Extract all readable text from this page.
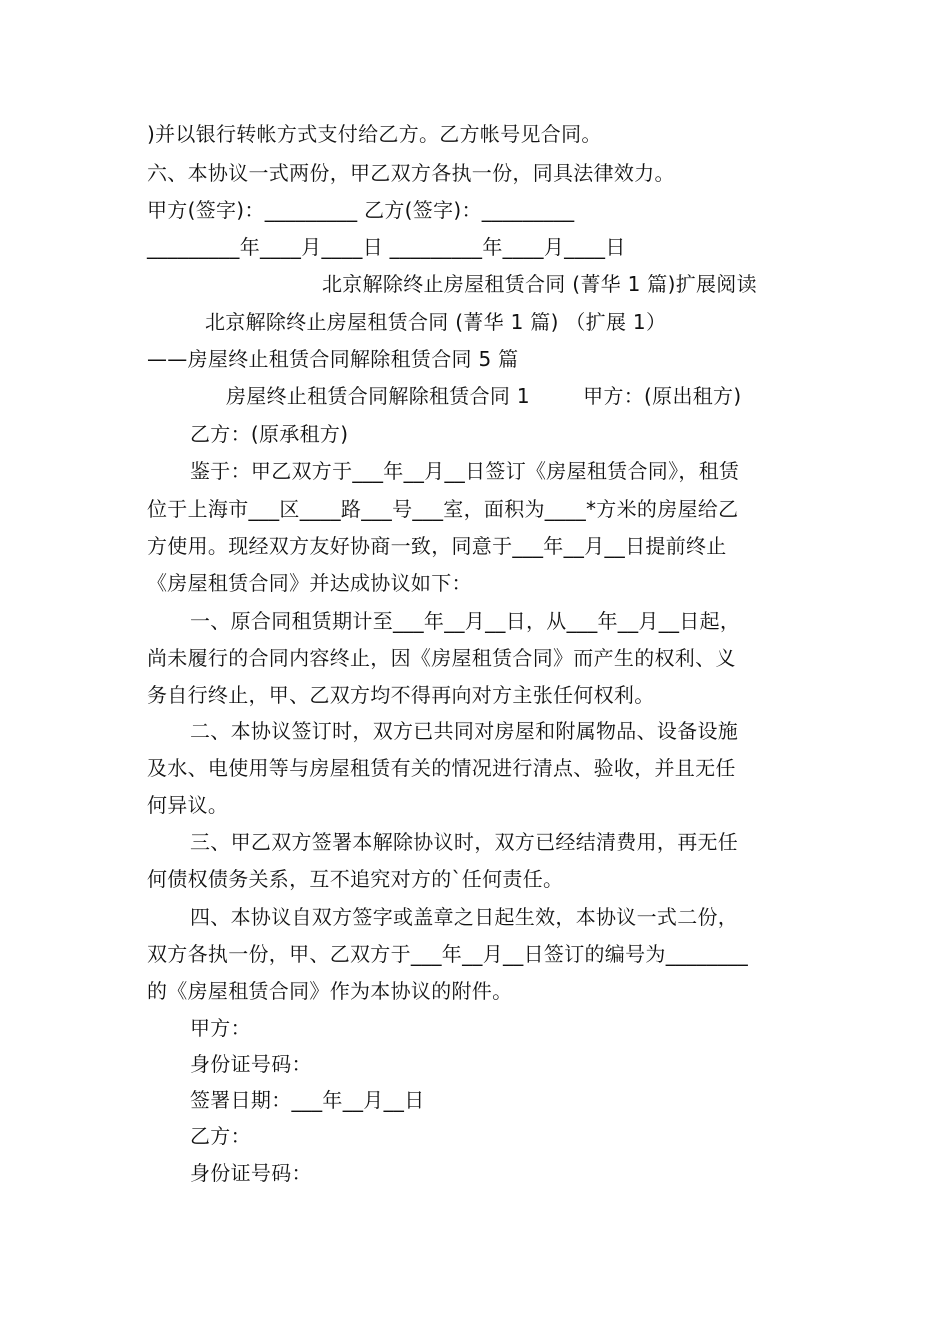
)并以银行转帐方式支付给乙方。乙方帐号见合同。
六、本协议一式两份，甲乙双方各执一份，同具法律效力。
甲方(签字)：_________ 乙方(签字)：_________
_________年____月____日 _________年____月____日
北京解除终止房屋租赁合同 (菁华 1 篇)扩展阅读
北京解除终止房屋租赁合同 (菁华 1 篇) （扩展 1）
——房屋终止租赁合同解除租赁合同 5 篇
房屋终止租赁合同解除租赁合同 1        甲方：(原出租方)
乙方：(原承租方)
鉴于：甲乙双方于___年__月__日签订《房屋租赁合同》，租赁
位于上海市___区____路___号___室，面积为____*方米的房屋给乙
方使用。现经双方友好协商一致，同意于___年__月__日提前终止
《房屋租赁合同》并达成协议如下：
一、原合同租赁期计至___年__月__日，从___年__月__日起，
尚未履行的合同内容终止，因《房屋租赁合同》而产生的权利、义
务自行终止，甲、乙双方均不得再向对方主张任何权利。
二、本协议签订时，双方已共同对房屋和附属物品、设备设施
及水、电使用等与房屋租赁有关的情况进行清点、验收，并且无任
何异议。
三、甲乙双方签署本解除协议时，双方已经结清费用，再无任
何债权债务关系，互不追究对方的`任何责任。
四、本协议自双方签字或盖章之日起生效，本协议一式二份，
双方各执一份，甲、乙双方于___年__月__日签订的编号为________
的《房屋租赁合同》作为本协议的附件。
甲方：
身份证号码：
签署日期：___年__月__日
乙方：
身份证号码：
